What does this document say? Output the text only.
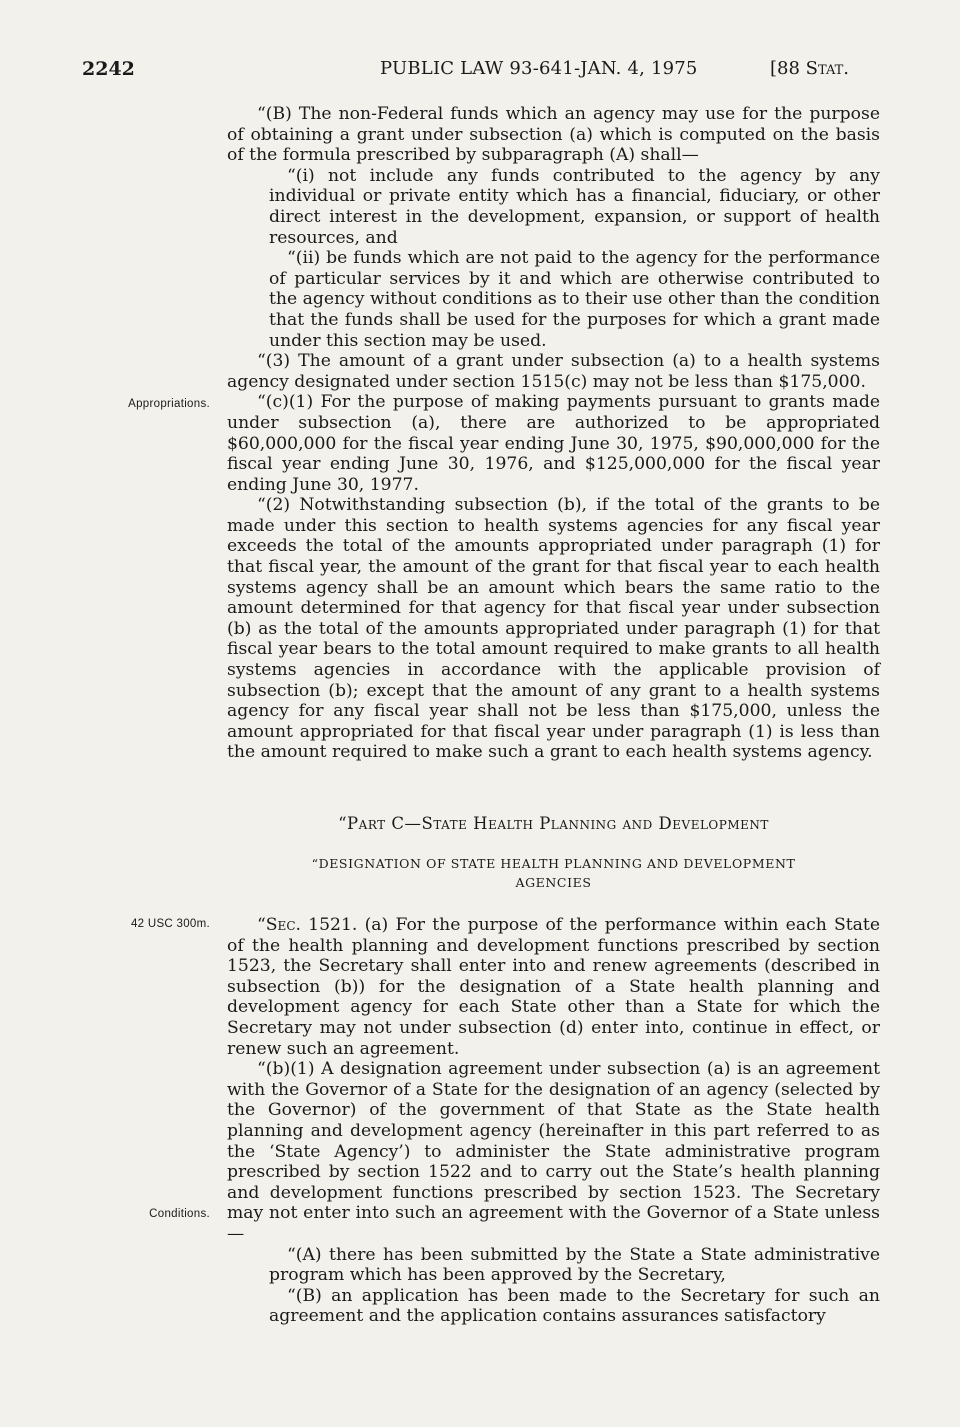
2242	PUBLIC LAW 93-641-JAN. 4, 1975	[88 Stat.
Appropriations.
42 USC 300m.
Conditions.

“(B) The non-Federal funds which an agency may use for the purpose of obtaining a grant under subsection (a) which is computed on the basis of the formula prescribed by subparagraph (A) shall—

“(i) not include any funds contributed to the agency by any individual or private entity which has a financial, fiduciary, or other direct interest in the development, expansion, or support of health resources, and

“(ii) be funds which are not paid to the agency for the performance of particular services by it and which are otherwise contributed to the agency without conditions as to their use other than the condition that the funds shall be used for the purposes for which a grant made under this section may be used.

“(3) The amount of a grant under subsection (a) to a health systems agency designated under section 1515(c) may not be less than $175,000.

“(c)(1) For the purpose of making payments pursuant to grants made under subsection (a), there are authorized to be appropriated $60,000,000 for the fiscal year ending June 30, 1975, $90,000,000 for the fiscal year ending June 30, 1976, and $125,000,000 for the fiscal year ending June 30, 1977.

“(2) Notwithstanding subsection (b), if the total of the grants to be made under this section to health systems agencies for any fiscal year exceeds the total of the amounts appropriated under paragraph (1) for that fiscal year, the amount of the grant for that fiscal year to each health systems agency shall be an amount which bears the same ratio to the amount determined for that agency for that fiscal year under subsection (b) as the total of the amounts appropriated under paragraph (1) for that fiscal year bears to the total amount required to make grants to all health systems agencies in accordance with the applicable provision of subsection (b); except that the amount of any grant to a health systems agency for any fiscal year shall not be less than $175,000, unless the amount appropriated for that fiscal year under paragraph (1) is less than the amount required to make such a grant to each health systems agency.

“Part C—State Health Planning and Development
“DESIGNATION OF STATE HEALTH PLANNING AND DEVELOPMENT
AGENCIES

“Sec. 1521. (a) For the purpose of the performance within each State of the health planning and development functions prescribed by section 1523, the Secretary shall enter into and renew agreements (described in subsection (b)) for the designation of a State health planning and development agency for each State other than a State for which the Secretary may not under subsection (d) enter into, continue in effect, or renew such an agreement.

“(b)(1) A designation agreement under subsection (a) is an agreement with the Governor of a State for the designation of an agency (selected by the Governor) of the government of that State as the State health planning and development agency (hereinafter in this part referred to as the ‘State Agency’) to administer the State administrative program prescribed by section 1522 and to carry out the State’s health planning and development functions prescribed by section 1523. The Secretary may not enter into such an agreement with the Governor of a State unless—

“(A) there has been submitted by the State a State administrative program which has been approved by the Secretary,

“(B) an application has been made to the Secretary for such an agreement and the application contains assurances satisfactory
